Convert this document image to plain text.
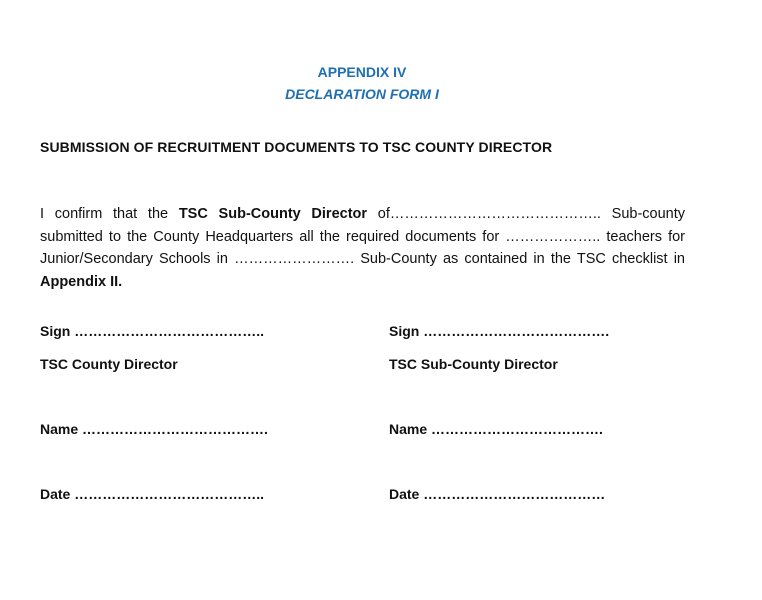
APPENDIX IV
DECLARATION FORM I

SUBMISSION OF RECRUITMENT DOCUMENTS TO TSC COUNTY DIRECTOR

I confirm that the TSC Sub-County Director of…………………………………….. Sub-county submitted to the County Headquarters all the required documents for ……………….. teachers for Junior/Secondary Schools in ……………………. Sub-County as contained in the TSC checklist in Appendix II.

Sign …………………………………..

TSC County Director

Name ………………………………….

Date …………………………………..

Sign ………………………………….

TSC Sub-County Director

Name ……………………………….

Date …………………………………
